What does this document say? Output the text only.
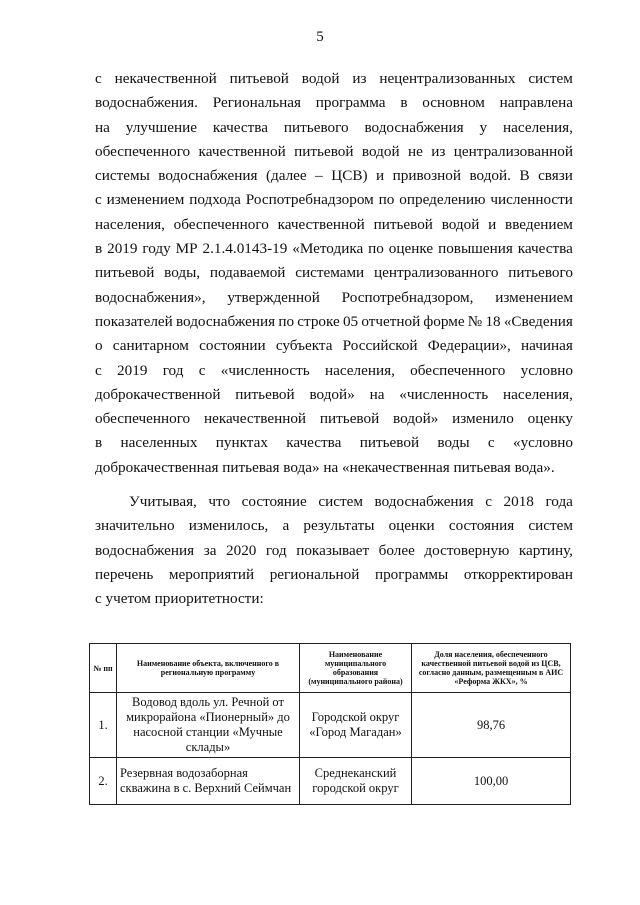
5
с некачественной питьевой водой из нецентрализованных систем
водоснабжения. Региональная программа в основном направлена
на улучшение качества питьевого водоснабжения у населения,
обеспеченного качественной питьевой водой не из централизованной
системы водоснабжения (далее – ЦСВ) и привозной водой. В связи
с изменением подхода Роспотребнадзором по определению численности
населения, обеспеченного качественной питьевой водой и введением
в 2019 году МР 2.1.4.0143-19 «Методика по оценке повышения качества
питьевой воды, подаваемой системами централизованного питьевого
водоснабжения», утвержденной Роспотребнадзором, изменением
показателей водоснабжения по строке 05 отчетной форме № 18 «Сведения
о санитарном состоянии субъекта Российской Федерации», начиная
с 2019 год с «численность населения, обеспеченного условно
доброкачественной питьевой водой» на «численность населения,
обеспеченного некачественной питьевой водой» изменило оценку
в населенных пунктах качества питьевой воды с «условно
доброкачественная питьевая вода» на «некачественная питьевая вода».
Учитывая, что состояние систем водоснабжения с 2018 года
значительно изменилось, а результаты оценки состояния систем
водоснабжения за 2020 год показывает более достоверную картину,
перечень мероприятий региональной программы откорректирован
с учетом приоритетности:
№ пп	Наименование объекта, включенного в региональную программу	Наименование муниципального образования (муниципального района)	Доля населения, обеспеченного качественной питьевой водой из ЦСВ, согласно данным, размещенным в АИС «Реформа ЖКХ», %
1.	Водовод вдоль ул. Речной от микрорайона «Пионерный» до насосной станции «Мучные склады»	Городской округ «Город Магадан»	98,76
2.	Резервная водозаборная скважина в с. Верхний Сеймчан	Среднеканский городской округ	100,00
